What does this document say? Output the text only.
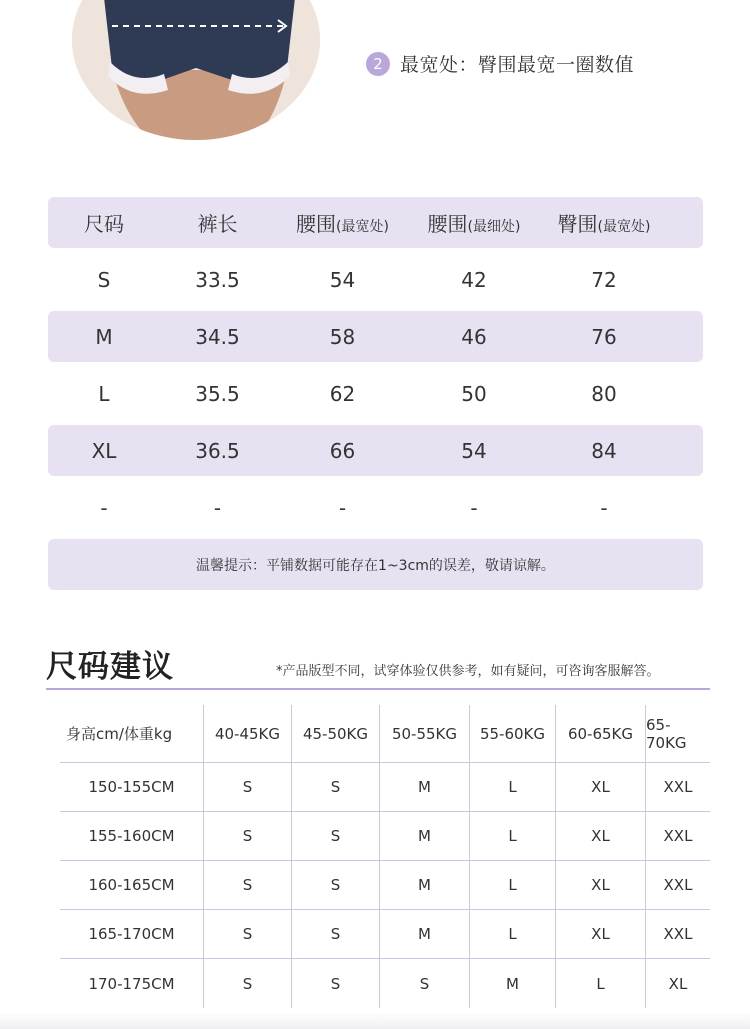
2 最宽处：臀围最宽一圈数值
尺码	裤长	腰围(最宽处)	腰围(最细处)	臀围(最宽处)
S	33.5	54	42	72
M	34.5	58	46	76
L	35.5	62	50	80
XL	36.5	66	54	84
-	-	-	-	-
温馨提示：平铺数据可能存在1~3cm的误差，敬请谅解。
尺码建议	*产品版型不同，试穿体验仅供参考，如有疑问，可咨询客服解答。
身高cm/体重kg	40-45KG	45-50KG	50-55KG	55-60KG	60-65KG 65-70KG
150-155CM	S	S	M	L	XL	XXL
155-160CM	S	S	M	L	XL	XXL
160-165CM	S	S	M	L	XL	XXL
165-170CM	S	S	M	L	XL	XXL
170-175CM	S	S	S	M	L	XL
